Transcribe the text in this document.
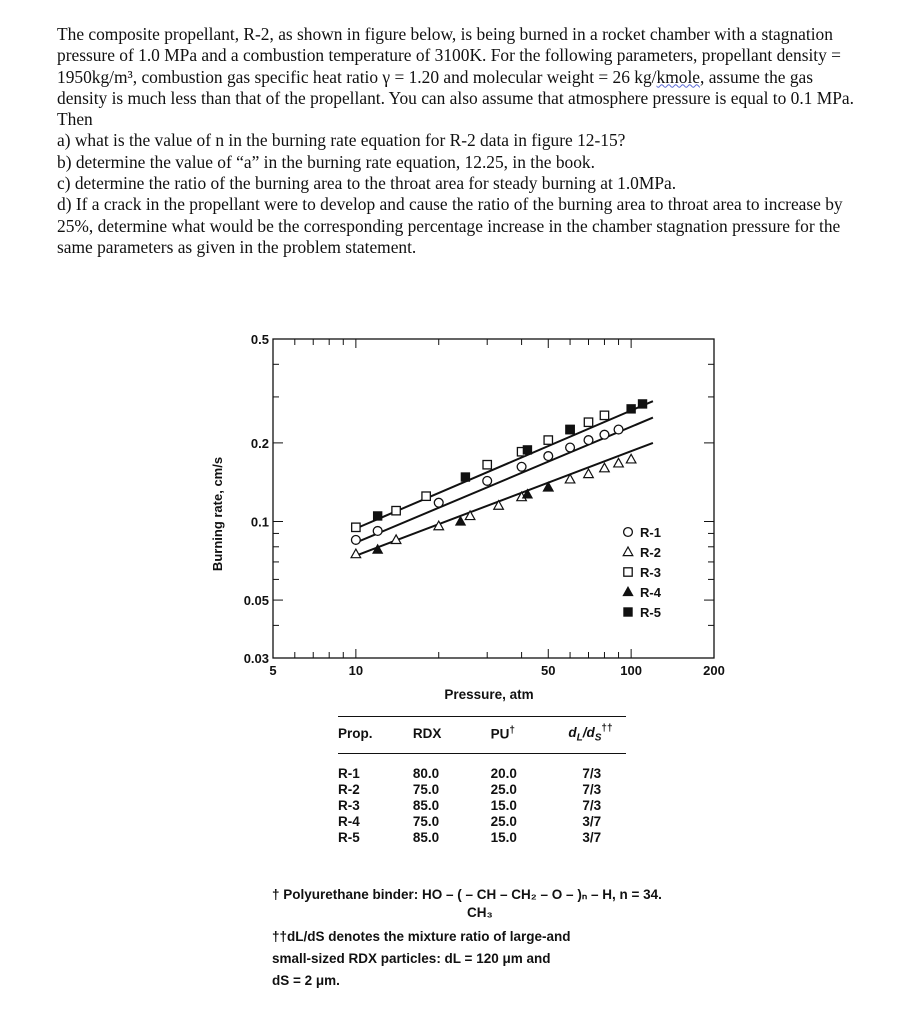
The composite propellant, R-2, as shown in figure below, is being burned in a rocket chamber with a stagnation pressure of 1.0 MPa and a combustion temperature of 3100K. For the following parameters, propellant density = 1950kg/m³, combustion gas specific heat ratio γ = 1.20 and molecular weight = 26 kg/kmole, assume the gas density is much less than that of the propellant. You can also assume that atmosphere pressure is equal to 0.1 MPa. Then

a) what is the value of n in the burning rate equation for R-2 data in figure 12-15?

b) determine the value of “a” in the burning rate equation, 12.25, in the book.

c) determine the ratio of the burning area to the throat area for steady burning at 1.0MPa.

d) If a crack in the propellant were to develop and cause the ratio of the burning area to throat area to increase by 25%, determine what would be the corresponding percentage increase in the chamber stagnation pressure for the same parameters as given in the problem statement.

5	10	50	100	200
0.5
0.2
0.1
0.05
0.03
R-1
R-2
R-3
R-4
R-5
Burning rate, cm/s
Pressure, atm
Prop.	RDX	PU†	$d_L/d_S^{\dagger\dagger}$
R-1	80.0	20.0	7/3
R-2	75.0	25.0	7/3
R-3	85.0	15.0	7/3
R-4	75.0	25.0	3/7
R-5	85.0	15.0	3/7

† Polyurethane binder: HO – ( – CH – CH₂ – O – )ₙ – H, n = 34.

CH₃

††dL/dS denotes the mixture ratio of large-and

small-sized RDX particles: dL = 120 μm and

dS = 2 μm.
